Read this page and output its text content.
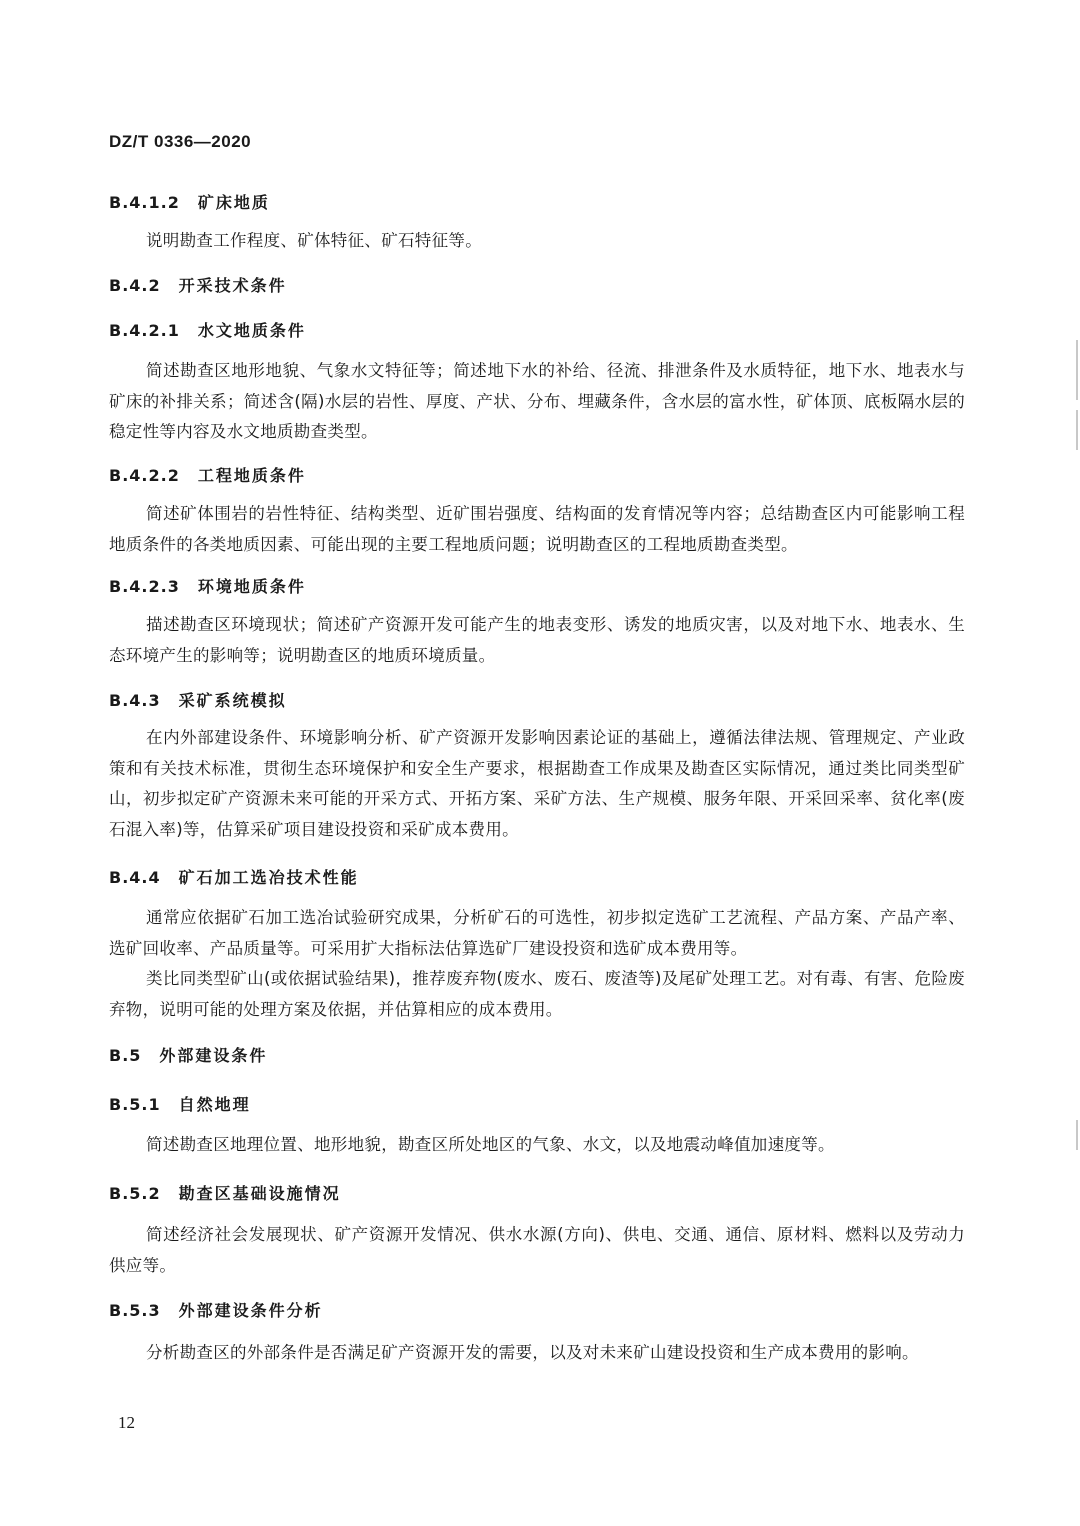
DZ/T 0336—2020
B.4.1.2 矿床地质

说明勘查工作程度、矿体特征、矿石特征等。

B.4.2 开采技术条件
B.4.2.1 水文地质条件

简述勘查区地形地貌、气象水文特征等；简述地下水的补给、径流、排泄条件及水质特征，地下水、地表水与矿床的补排关系；简述含(隔)水层的岩性、厚度、产状、分布、埋藏条件，含水层的富水性，矿体顶、底板隔水层的稳定性等内容及水文地质勘查类型。

B.4.2.2 工程地质条件

简述矿体围岩的岩性特征、结构类型、近矿围岩强度、结构面的发育情况等内容；总结勘查区内可能影响工程地质条件的各类地质因素、可能出现的主要工程地质问题；说明勘查区的工程地质勘查类型。

B.4.2.3 环境地质条件

描述勘查区环境现状；简述矿产资源开发可能产生的地表变形、诱发的地质灾害，以及对地下水、地表水、生态环境产生的影响等；说明勘查区的地质环境质量。

B.4.3 采矿系统模拟

在内外部建设条件、环境影响分析、矿产资源开发影响因素论证的基础上，遵循法律法规、管理规定、产业政策和有关技术标准，贯彻生态环境保护和安全生产要求，根据勘查工作成果及勘查区实际情况，通过类比同类型矿山，初步拟定矿产资源未来可能的开采方式、开拓方案、采矿方法、生产规模、服务年限、开采回采率、贫化率(废石混入率)等，估算采矿项目建设投资和采矿成本费用。

B.4.4 矿石加工选冶技术性能

通常应依据矿石加工选冶试验研究成果，分析矿石的可选性，初步拟定选矿工艺流程、产品方案、产品产率、选矿回收率、产品质量等。可采用扩大指标法估算选矿厂建设投资和选矿成本费用等。

类比同类型矿山(或依据试验结果)，推荐废弃物(废水、废石、废渣等)及尾矿处理工艺。对有毒、有害、危险废弃物，说明可能的处理方案及依据，并估算相应的成本费用。

B.5 外部建设条件
B.5.1 自然地理

简述勘查区地理位置、地形地貌，勘查区所处地区的气象、水文，以及地震动峰值加速度等。

B.5.2 勘查区基础设施情况

简述经济社会发展现状、矿产资源开发情况、供水水源(方向)、供电、交通、通信、原材料、燃料以及劳动力供应等。

B.5.3 外部建设条件分析

分析勘查区的外部条件是否满足矿产资源开发的需要，以及对未来矿山建设投资和生产成本费用的影响。

12
